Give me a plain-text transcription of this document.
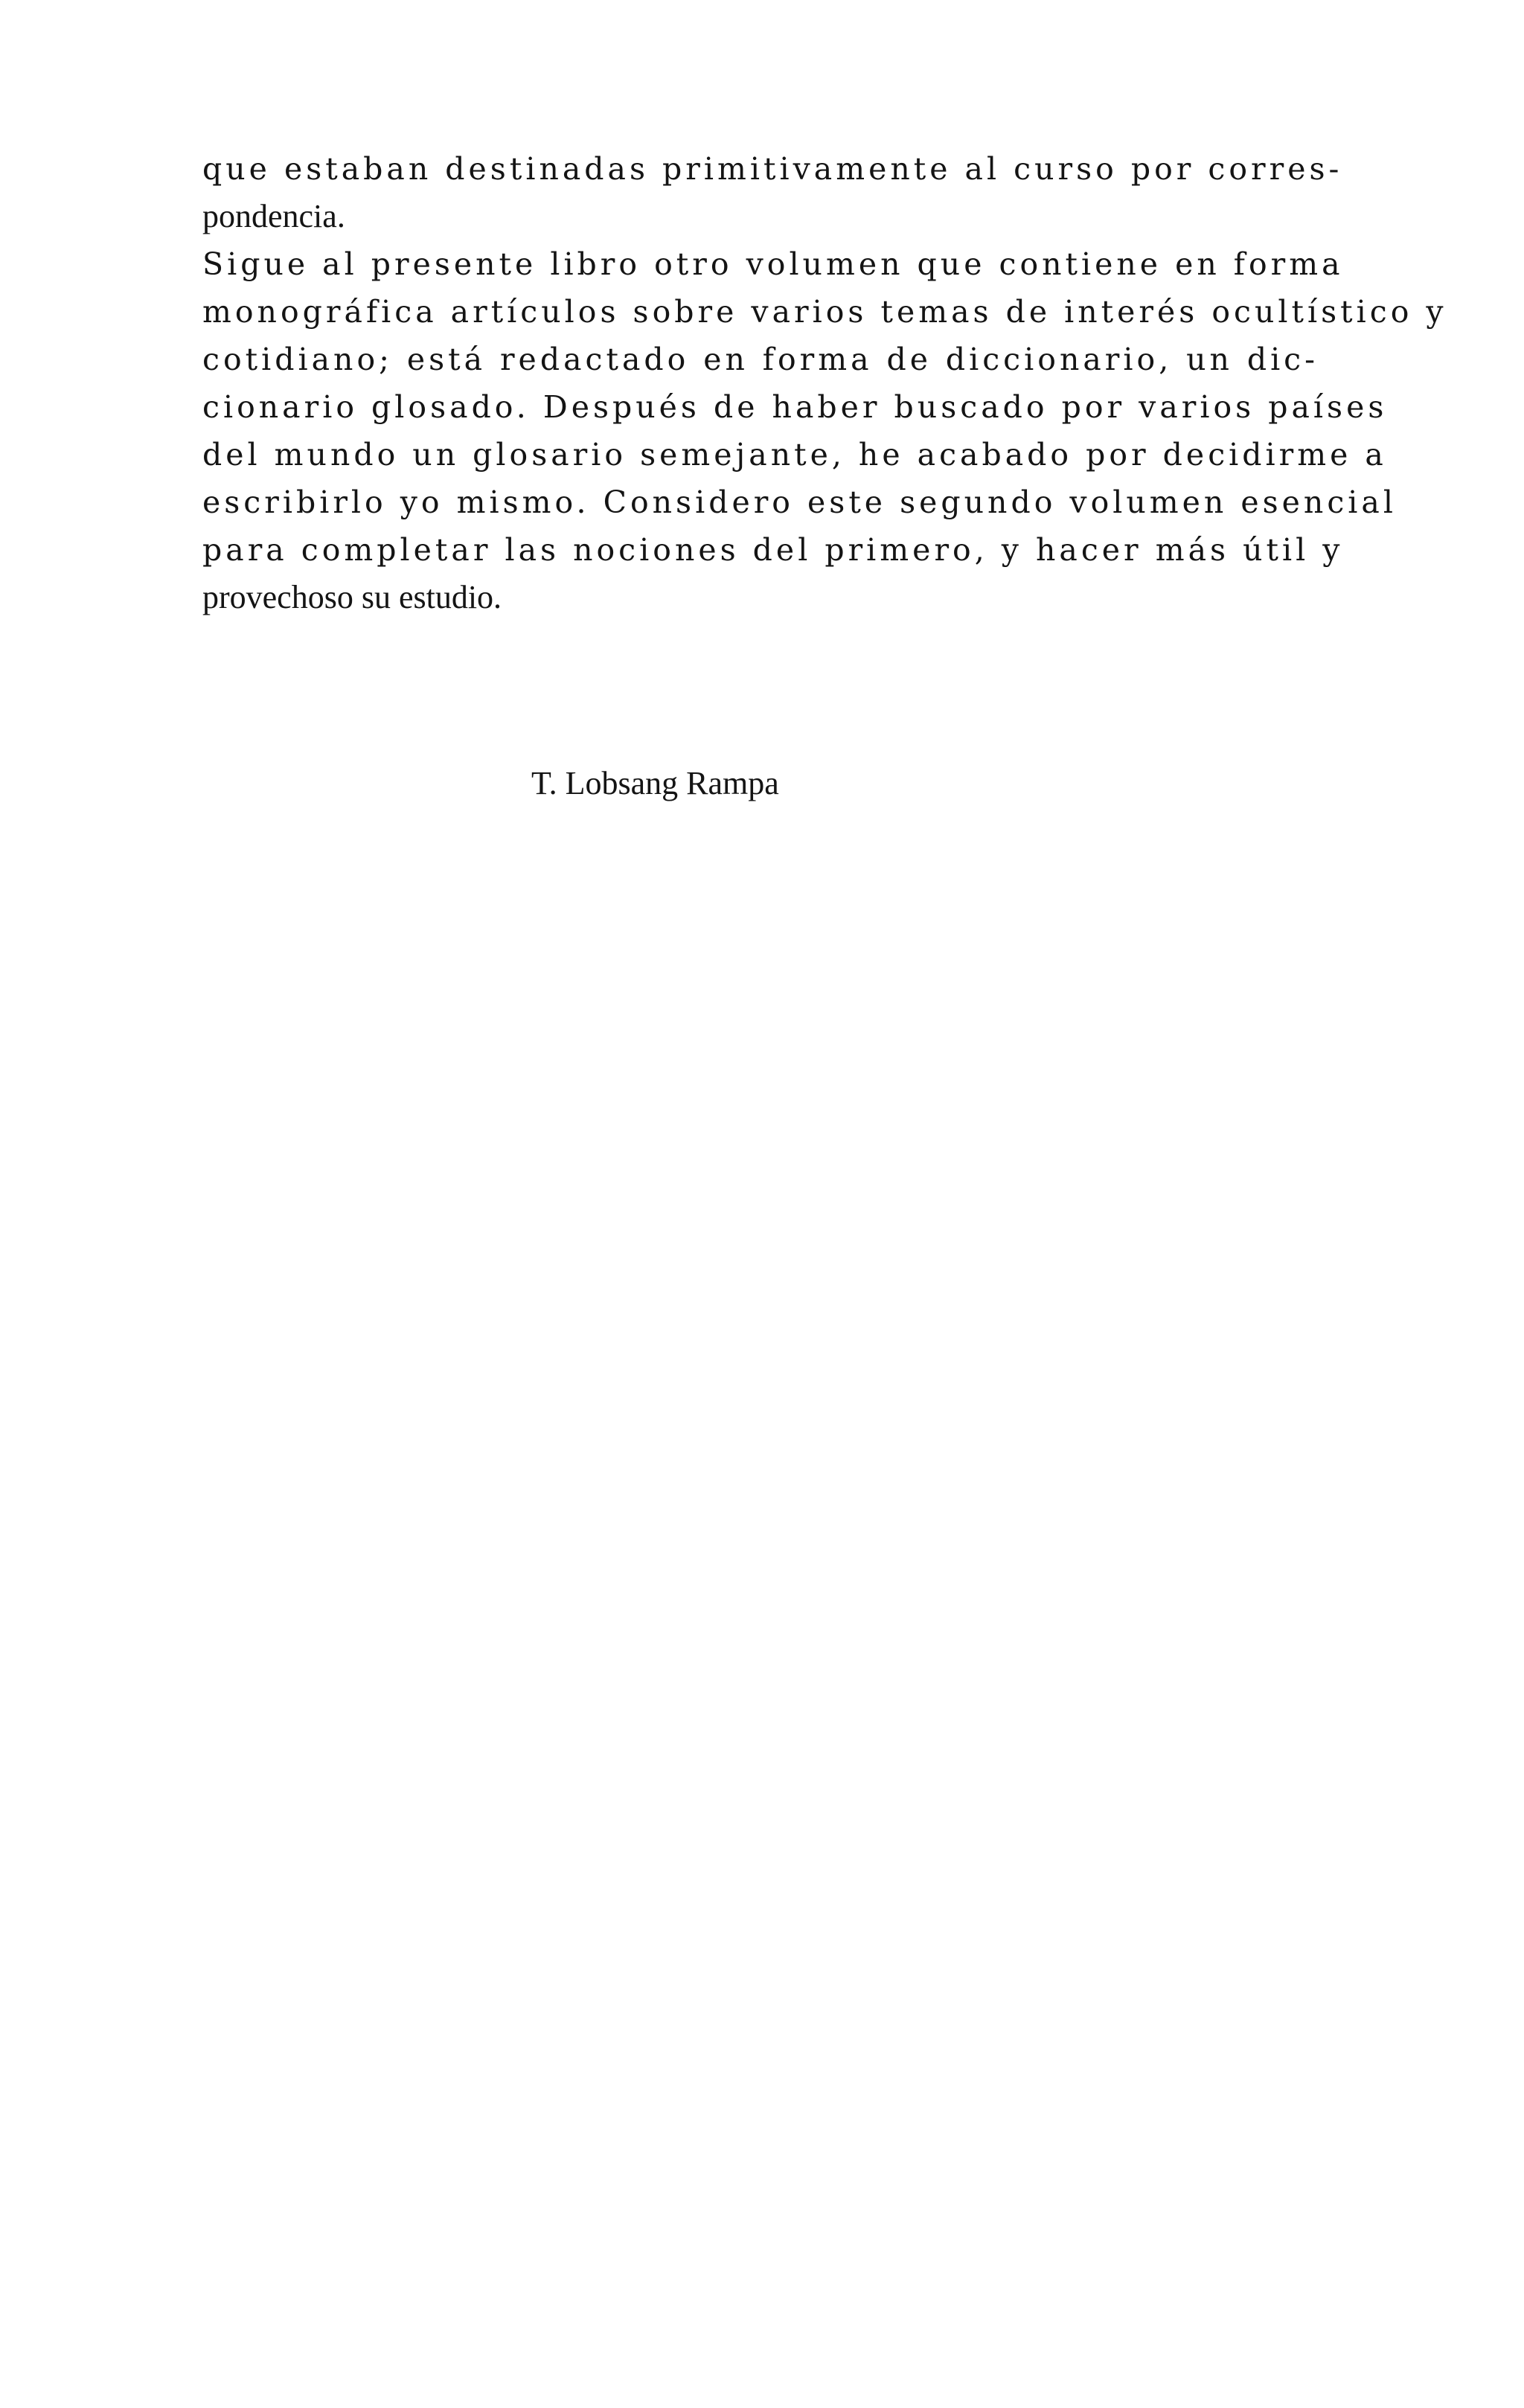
que estaban destinadas primitivamente al curso por corres-
pondencia.
Sigue al presente libro otro volumen que contiene en forma
monográfica artículos sobre varios temas de interés ocultístico y
cotidiano; está redactado en forma de diccionario, un dic-
cionario glosado. Después de haber buscado por varios países
del mundo un glosario semejante, he acabado por decidirme a
escribirlo yo mismo. Considero este segundo volumen esencial
para completar las nociones del primero, y hacer más útil y
provechoso su estudio.
T. Lobsang Rampa
